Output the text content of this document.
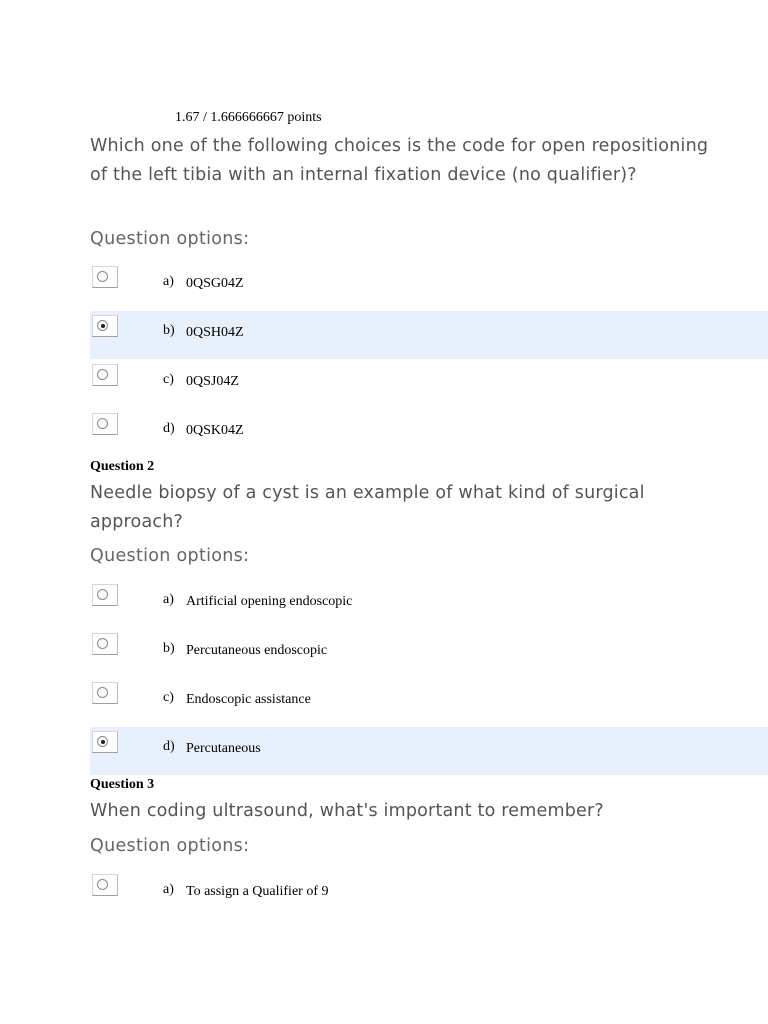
1.67 / 1.666666667 points
Which one of the following choices is the code for open repositioning of the left tibia with an internal fixation device (no qualifier)?
Question options:
a) 0QSG04Z
b) 0QSH04Z
c) 0QSJ04Z
d) 0QSK04Z
Question 2
Needle biopsy of a cyst is an example of what kind of surgical approach?
Question options:
a) Artificial opening endoscopic
b) Percutaneous endoscopic
c) Endoscopic assistance
d) Percutaneous
Question 3
When coding ultrasound, what's important to remember?
Question options:
a) To assign a Qualifier of 9
